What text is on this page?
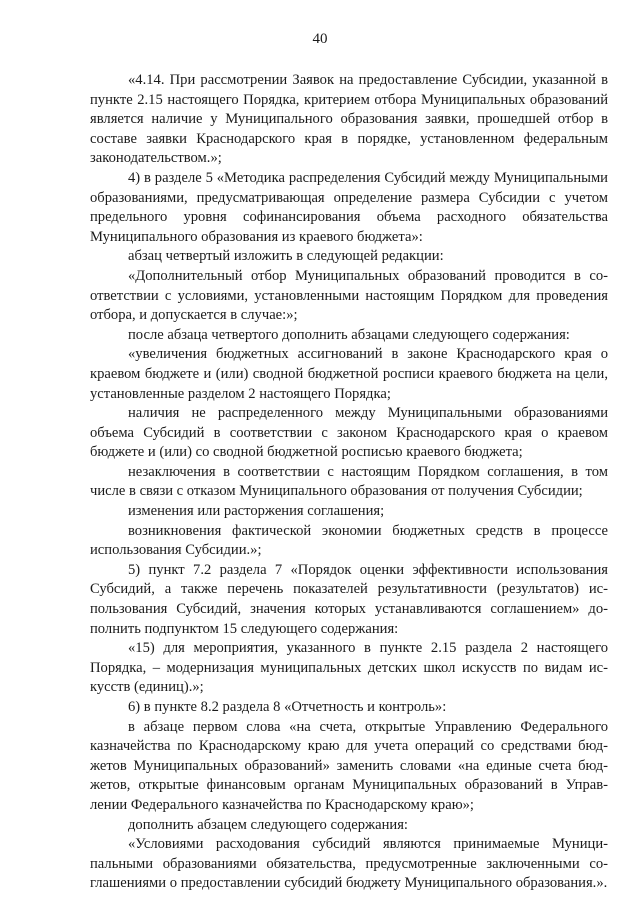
40

«4.14. При рассмотрении Заявок на предоставление Субсидии, указанной в пункте 2.15 настоящего Порядка, критерием отбора Муниципальных образований является наличие у Муниципального образования заявки, прошедшей отбор в составе заявки Краснодарского края в порядке, установленном федеральным законодательством.»;

4) в разделе 5 «Методика распределения Субсидий между Муниципальными образованиями, предусматривающая определение размера Субсидии с учетом предельного уровня софинансирования объема расходного обязательства Муниципального образования из краевого бюджета»:

абзац четвертый изложить в следующей редакции:

«Дополнительный отбор Муниципальных образований проводится в соответствии с условиями, установленными настоящим Порядком для проведения отбора, и допускается в случае:»;

после абзаца четвертого дополнить абзацами следующего содержания:

«увеличения бюджетных ассигнований в законе Краснодарского края о краевом бюджете и (или) сводной бюджетной росписи краевого бюджета на цели, установленные разделом 2 настоящего Порядка;

наличия не распределенного между Муниципальными образованиями объема Субсидий в соответствии с законом Краснодарского края о краевом бюджете и (или) со сводной бюджетной росписью краевого бюджета;

незаключения в соответствии с настоящим Порядком соглашения, в том числе в связи с отказом Муниципального образования от получения Субсидии;

изменения или расторжения соглашения;

возникновения фактической экономии бюджетных средств в процессе использования Субсидии.»;

5) пункт 7.2 раздела 7 «Порядок оценки эффективности использования Субсидий, а также перечень показателей результативности (результатов) использования Субсидий, значения которых устанавливаются соглашением» дополнить подпунктом 15 следующего содержания:

«15) для мероприятия, указанного в пункте 2.15 раздела 2 настоящего Порядка, – модернизация муниципальных детских школ искусств по видам искусств (единиц).»;

6) в пункте 8.2 раздела 8 «Отчетность и контроль»:

в абзаце первом слова «на счета, открытые Управлению Федерального казначейства по Краснодарскому краю для учета операций со средствами бюджетов Муниципальных образований» заменить словами «на единые счета бюджетов, открытые финансовым органам Муниципальных образований в Управлении Федерального казначейства по Краснодарскому краю»;

дополнить абзацем следующего содержания:

«Условиями расходования субсидий являются принимаемые Муниципальными образованиями обязательства, предусмотренные заключенными соглашениями о предоставлении субсидий бюджету Муниципального образования.».
